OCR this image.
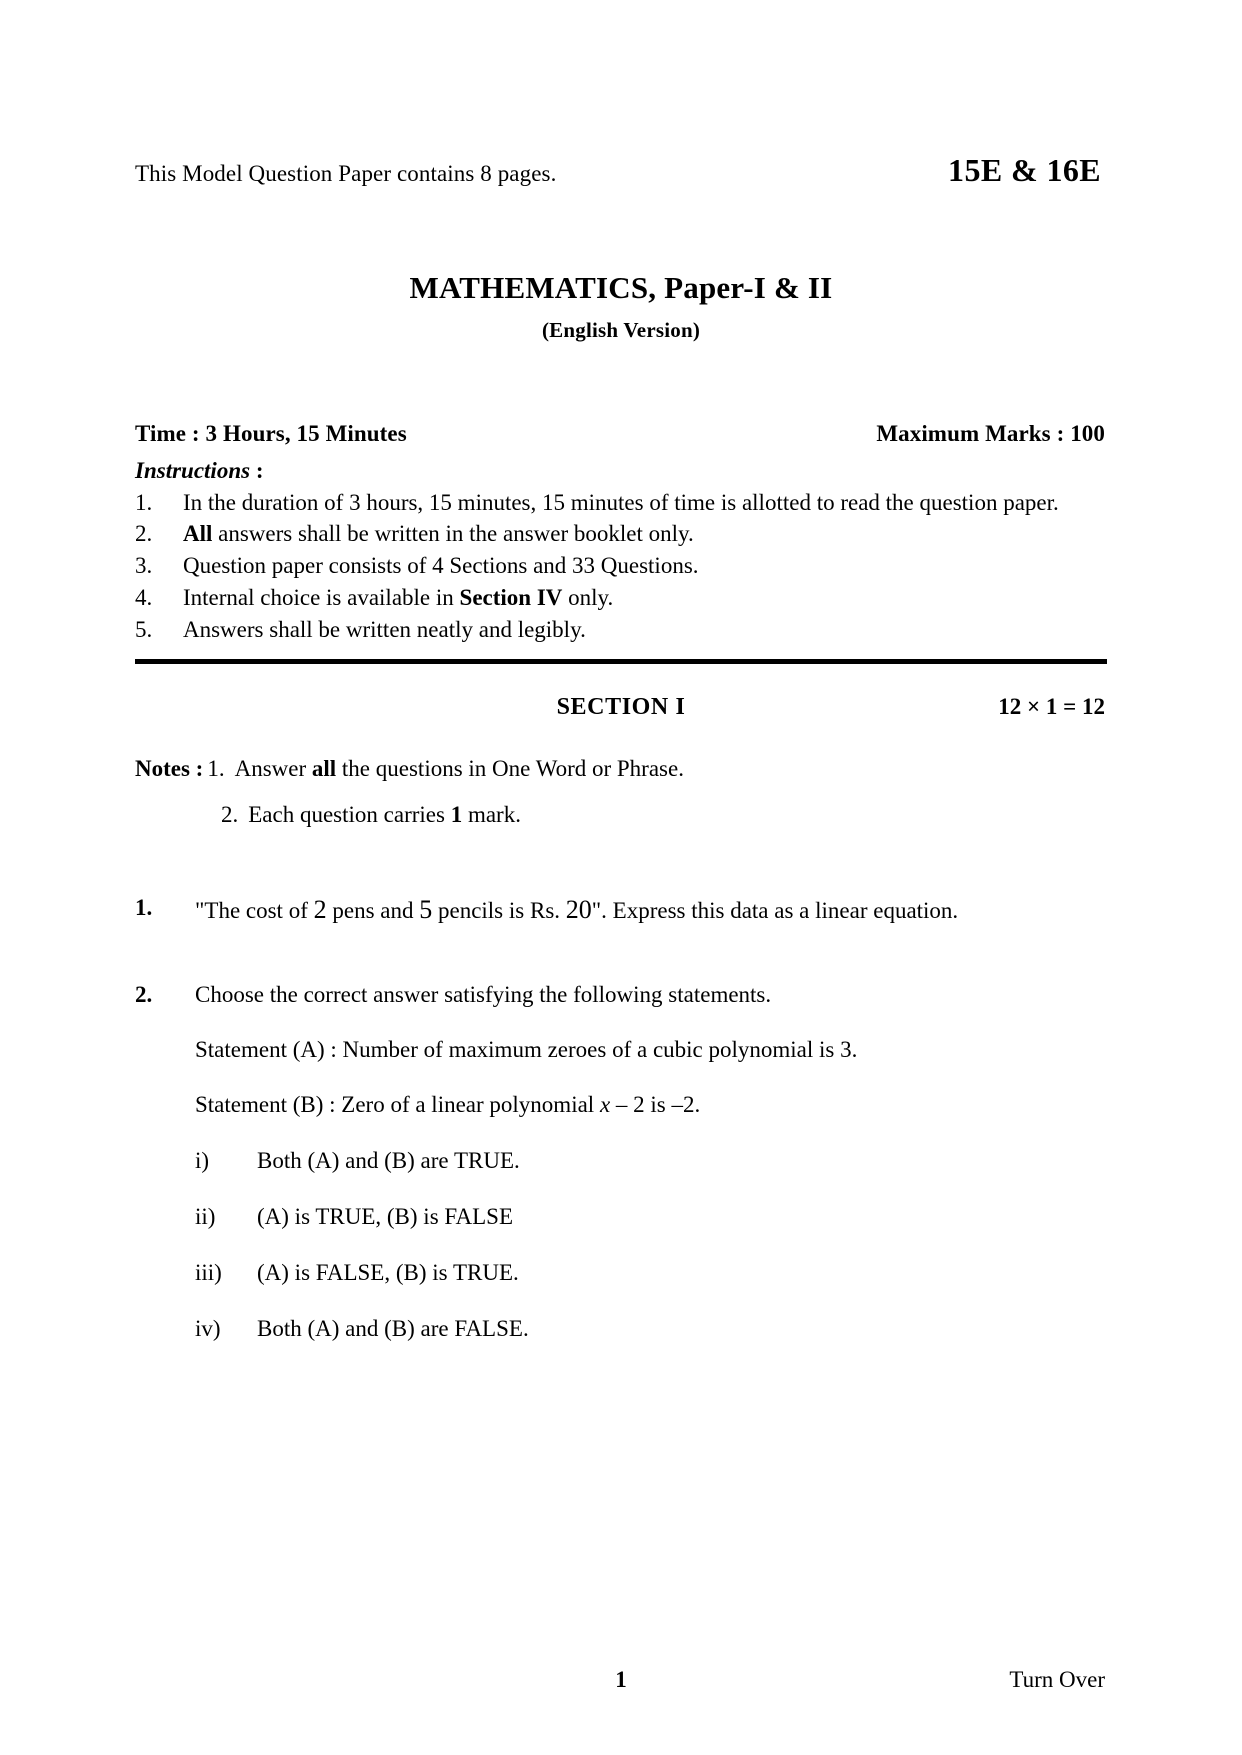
This Model Question Paper contains 8 pages.	15E & 16E
MATHEMATICS, Paper-I & II
(English Version)
Time : 3 Hours, 15 Minutes	Maximum Marks : 100
Instructions :
1.	In the duration of 3 hours, 15 minutes, 15 minutes of time is allotted to read the question paper.
2.	All answers shall be written in the answer booklet only.
3.	Question paper consists of 4 Sections and 33 Questions.
4.	Internal choice is available in Section IV only.
5.	Answers shall be written neatly and legibly.
SECTION I	12 × 1 = 12
Notes : 1. Answer all the questions in One Word or Phrase.
2. Each question carries 1 mark.
1.	"The cost of 2 pens and 5 pencils is Rs. 20". Express this data as a linear equation.
2.	Choose the correct answer satisfying the following statements.
Statement (A) : Number of maximum zeroes of a cubic polynomial is 3.
Statement (B) : Zero of a linear polynomial x – 2 is –2.
i)	Both (A) and (B) are TRUE.
ii)	(A) is TRUE, (B) is FALSE
iii)	(A) is FALSE, (B) is TRUE.
iv)	Both (A) and (B) are FALSE.
1	Turn Over
